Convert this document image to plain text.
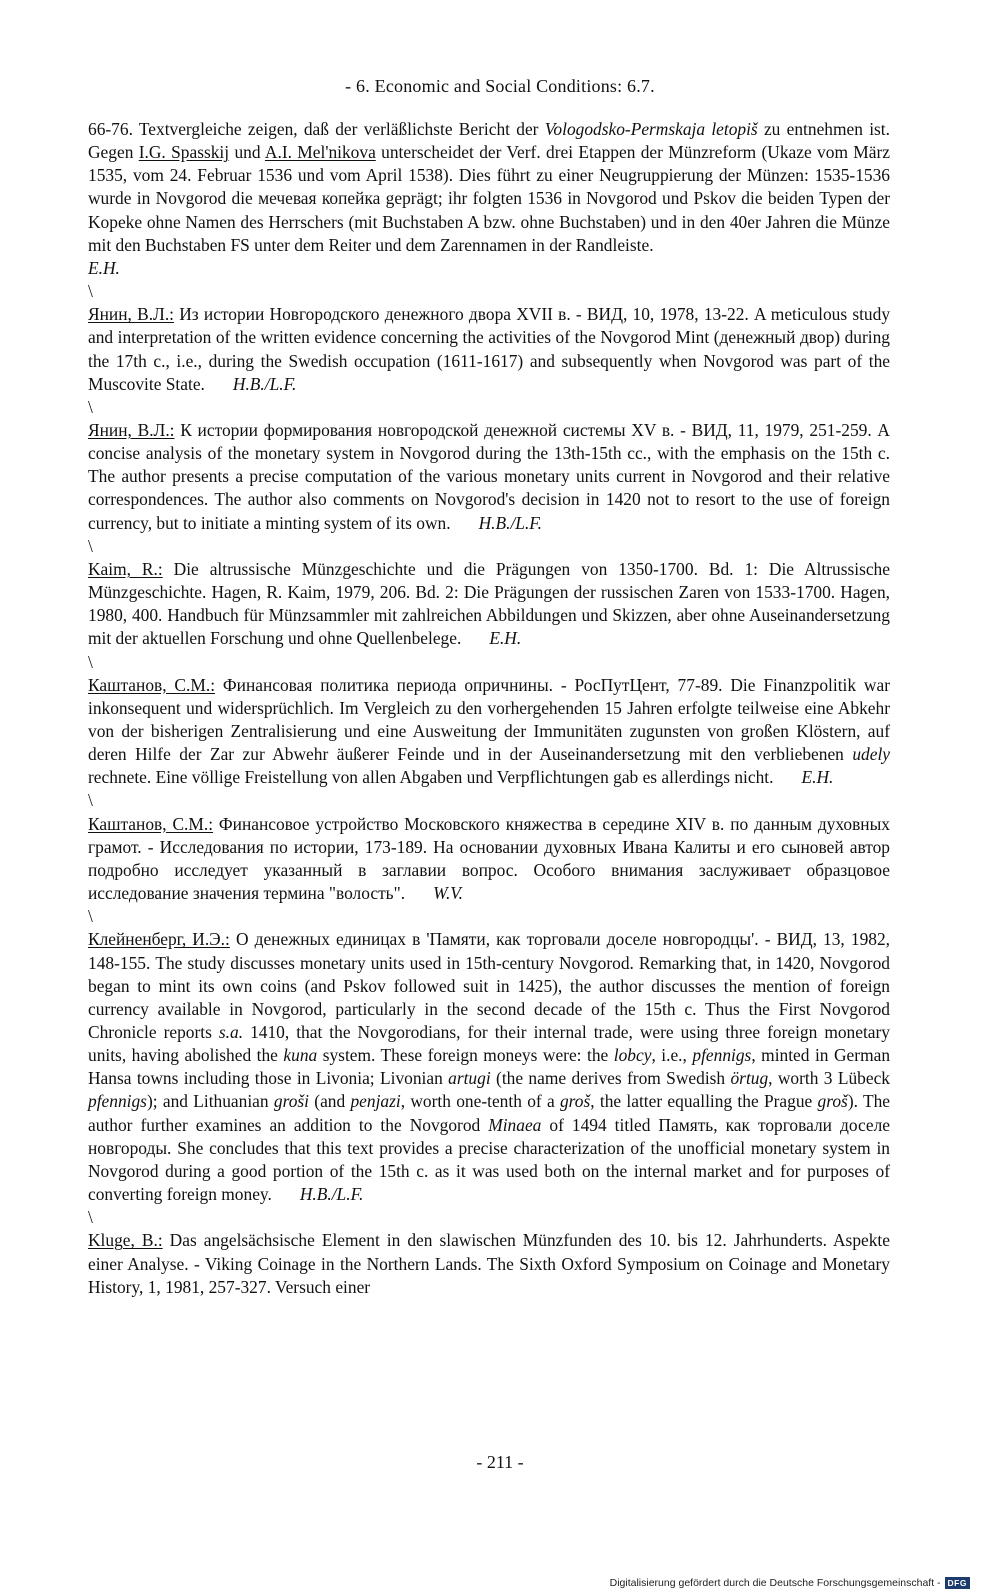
- 6. Economic and Social Conditions: 6.7.

66-76. Textvergleiche zeigen, daß der verläßlichste Bericht der Vologodsko-Permskaja letopiš zu entnehmen ist. Gegen I.G. Spasskij und A.I. Mel'nikova unterscheidet der Verf. drei Etappen der Münzreform (Ukaze vom März 1535, vom 24. Februar 1536 und vom April 1538). Dies führt zu einer Neugruppierung der Münzen: 1535-1536 wurde in Novgorod die мечевая копейка geprägt; ihr folgten 1536 in Novgorod und Pskov die beiden Typen der Kopeke ohne Namen des Herrschers (mit Buchstaben A bzw. ohne Buchstaben) und in den 40er Jahren die Münze mit den Buchstaben FS unter dem Reiter und dem Zarennamen in der Randleiste.
E.H.

\

Янин, В.Л.: Из истории Новгородского денежного двора XVII в. - ВИД, 10, 1978, 13-22. A meticulous study and interpretation of the written evidence concerning the activities of the Novgorod Mint (денежный двор) during the 17th c., i.e., during the Swedish occupation (1611-1617) and subsequently when Novgorod was part of the Muscovite State. H.B./L.F.

\

Янин, В.Л.: К истории формирования новгородской денежной системы XV в. - ВИД, 11, 1979, 251-259. A concise analysis of the monetary system in Novgorod during the 13th-15th cc., with the emphasis on the 15th c. The author presents a precise computation of the various monetary units current in Novgorod and their relative correspondences. The author also comments on Novgorod's decision in 1420 not to resort to the use of foreign currency, but to initiate a minting system of its own. H.B./L.F.

\

Kaim, R.: Die altrussische Münzgeschichte und die Prägungen von 1350-1700. Bd. 1: Die Altrussische Münzgeschichte. Hagen, R. Kaim, 1979, 206. Bd. 2: Die Prägungen der russischen Zaren von 1533-1700. Hagen, 1980, 400. Handbuch für Münzsammler mit zahlreichen Abbildungen und Skizzen, aber ohne Auseinandersetzung mit der aktuellen Forschung und ohne Quellenbelege. E.H.

\

Каштанов, С.М.: Финансовая политика периода опричнины. - РосПутЦент, 77-89. Die Finanzpolitik war inkonsequent und widersprüchlich. Im Vergleich zu den vorhergehenden 15 Jahren erfolgte teilweise eine Abkehr von der bisherigen Zentralisierung und eine Ausweitung der Immunitäten zugunsten von großen Klöstern, auf deren Hilfe der Zar zur Abwehr äußerer Feinde und in der Auseinandersetzung mit den verbliebenen udely rechnete. Eine völlige Freistellung von allen Abgaben und Verpflichtungen gab es allerdings nicht. E.H.

\

Каштанов, С.М.: Финансовое устройство Московского княжества в середине XIV в. по данным духовных грамот. - Исследования по истории, 173-189. На основании духовных Ивана Калиты и его сыновей автор подробно исследует указанный в заглавии вопрос. Особого внимания заслуживает образцовое исследование значения термина "волость". W.V.

\

Клейненберг, И.Э.: О денежных единицах в 'Памяти, как торговали доселе новгородцы'. - ВИД, 13, 1982, 148-155. The study discusses monetary units used in 15th-century Novgorod. Remarking that, in 1420, Novgorod began to mint its own coins (and Pskov followed suit in 1425), the author discusses the mention of foreign currency available in Novgorod, particularly in the second decade of the 15th c. Thus the First Novgorod Chronicle reports s.a. 1410, that the Novgorodians, for their internal trade, were using three foreign monetary units, having abolished the kuna system. These foreign moneys were: the lobcy, i.e., pfennigs, minted in German Hansa towns including those in Livonia; Livonian artugi (the name derives from Swedish örtug, worth 3 Lübeck pfennigs); and Lithuanian groši (and penjazi, worth one-tenth of a groš, the latter equalling the Prague groš). The author further examines an addition to the Novgorod Minaea of 1494 titled Память, как торговали доселе новгороды. She concludes that this text provides a precise characterization of the unofficial monetary system in Novgorod during a good portion of the 15th c. as it was used both on the internal market and for purposes of converting foreign money. H.B./L.F.

\

Kluge, B.: Das angelsächsische Element in den slawischen Münzfunden des 10. bis 12. Jahrhunderts. Aspekte einer Analyse. - Viking Coinage in the Northern Lands. The Sixth Oxford Symposium on Coinage and Monetary History, 1, 1981, 257-327. Versuch einer

- 211 -
Digitalisierung gefördert durch die Deutsche Forschungsgemeinschaft - DFG
